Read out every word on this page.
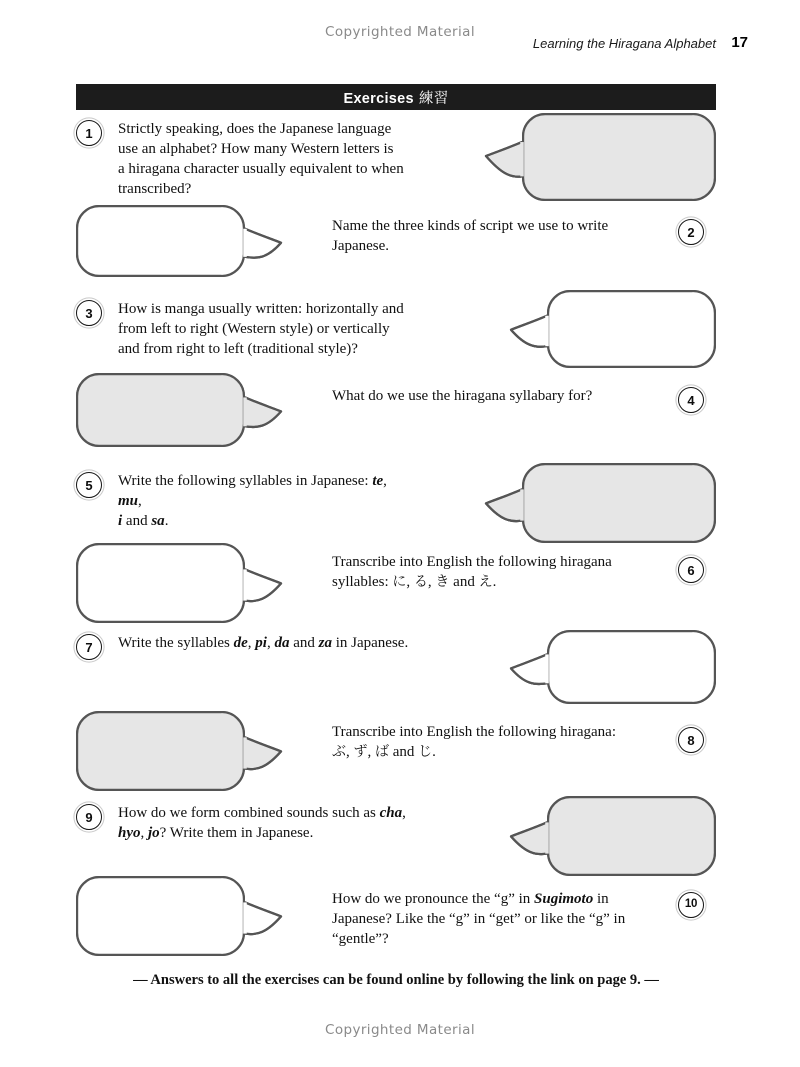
Copyrighted Material
Learning the Hiragana Alphabet 17
Exercises 練習
1	Strictly speaking, does the Japanese language use an alphabet? How many Western letters is
a hiragana character usually equivalent to when transcribed?
2
Name the three kinds of script we use to write Japanese.
3	How is manga usually written: horizontally and from left to right (Western style) or vertically and from right to left (traditional style)?
4
What do we use the hiragana syllabary for?
5	Write the following syllables in Japanese: te, mu,
i and sa.
6
Transcribe into English the following hiragana syllables: に, る, き and え.
7	Write the syllables de, pi, da and za in Japanese.
8
Transcribe into English the following hiragana:
ぶ, ず, ば and じ.
9	How do we form combined sounds such as cha,
hyo, jo? Write them in Japanese.
10
How do we pronounce the “g” in Sugimoto in Japanese? Like the “g” in “get” or like the “g” in “gentle”?
— Answers to all the exercises can be found online by following the link on page 9. —
Copyrighted Material
